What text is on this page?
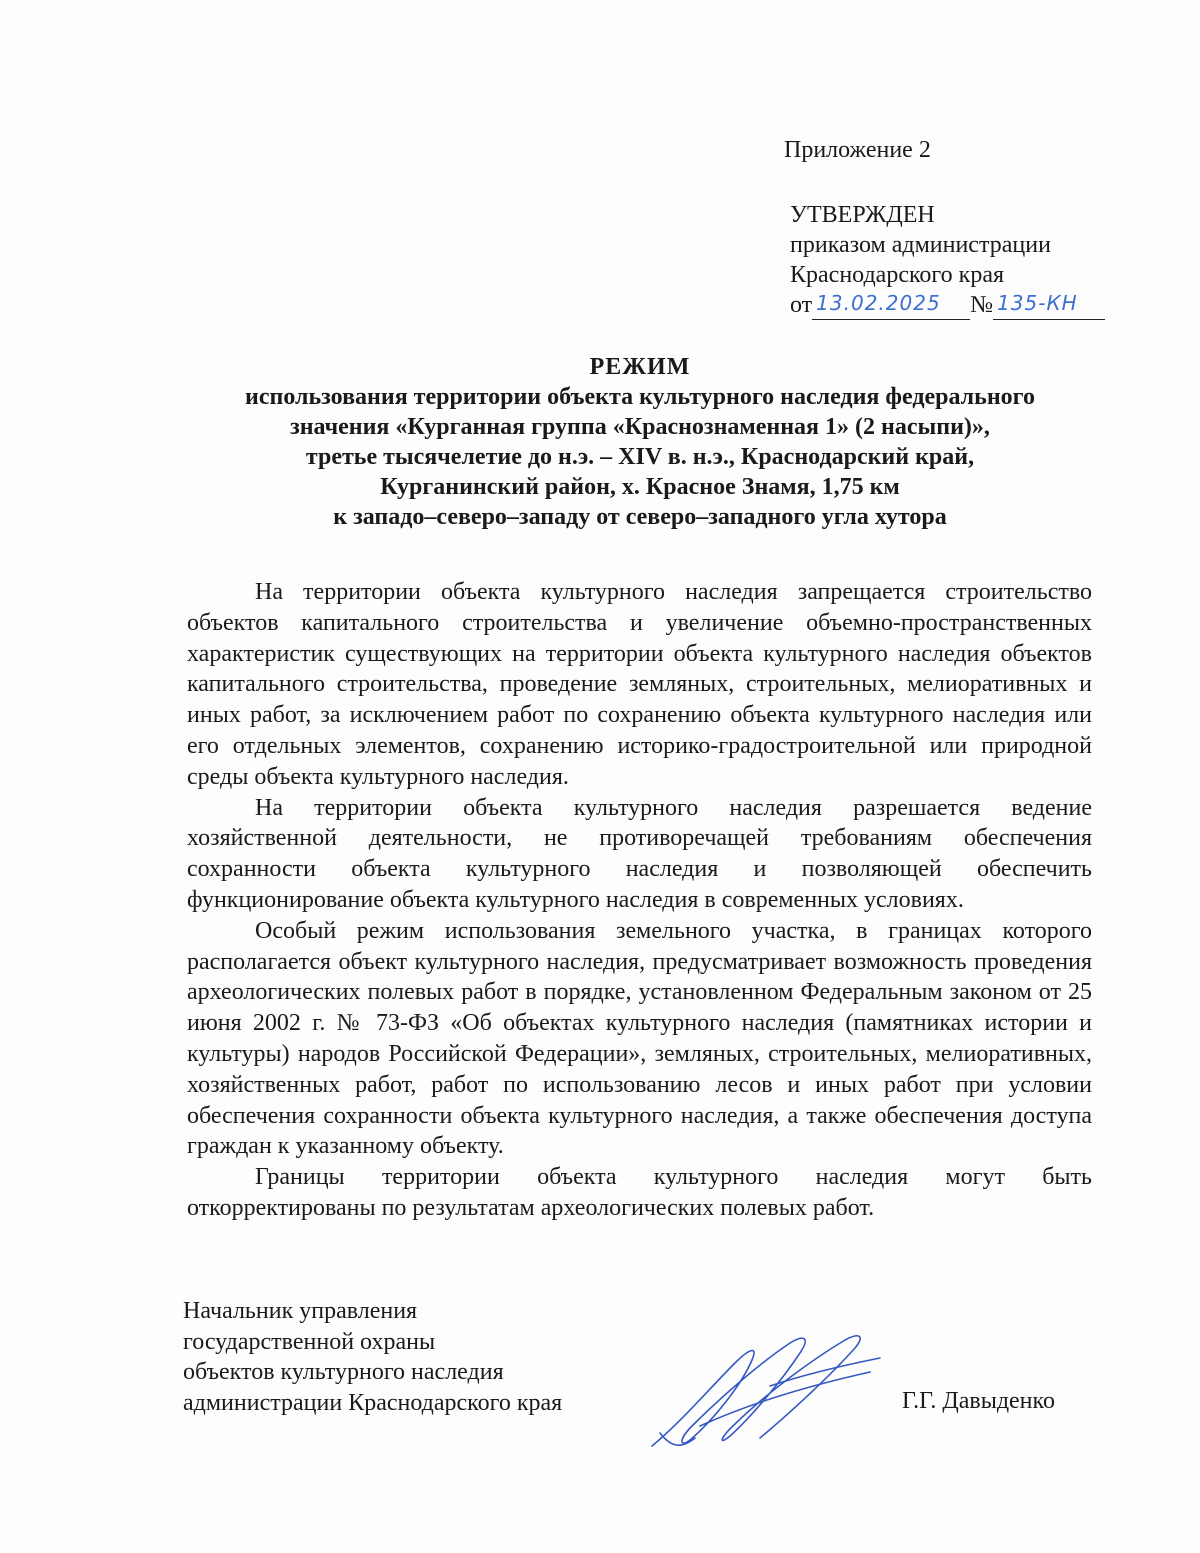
Приложение 2
УТВЕРЖДЕН
приказом администрации
Краснодарского края
от 13.02.2025 № 135-КН
РЕЖИМ
использования территории объекта культурного наследия федерального
значения «Курганная группа «Краснознаменная 1» (2 насыпи)»,
третье тысячелетие до н.э. – XIV в. н.э., Краснодарский край,
Курганинский район, х. Красное Знамя, 1,75 км
к западо–северо–западу от северо–западного угла хутора

На территории объекта культурного наследия запрещается строительство объектов капитального строительства и увеличение объемно-пространственных характеристик существующих на территории объекта культурного наследия объектов капитального строительства, проведение земляных, строительных, мелиоративных и иных работ, за исключением работ по сохранению объекта культурного наследия или его отдельных элементов, сохранению историко-градостроительной или природной среды объекта культурного наследия.

На территории объекта культурного наследия разрешается ведение хозяйственной деятельности, не противоречащей требованиям обеспечения сохранности объекта культурного наследия и позволяющей обеспечить функционирование объекта культурного наследия в современных условиях.

Особый режим использования земельного участка, в границах которого располагается объект культурного наследия, предусматривает возможность проведения археологических полевых работ в порядке, установленном Федеральным законом от 25 июня 2002 г. № 73-ФЗ «Об объектах культурного наследия (памятниках истории и культуры) народов Российской Федерации», земляных, строительных, мелиоративных, хозяйственных работ, работ по использованию лесов и иных работ при условии обеспечения сохранности объекта культурного наследия, а также обеспечения доступа граждан к указанному объекту.

Границы территории объекта культурного наследия могут быть откорректированы по результатам археологических полевых работ.

Начальник управления
государственной охраны
объектов культурного наследия
администрации Краснодарского края	Г.Г. Давыденко
